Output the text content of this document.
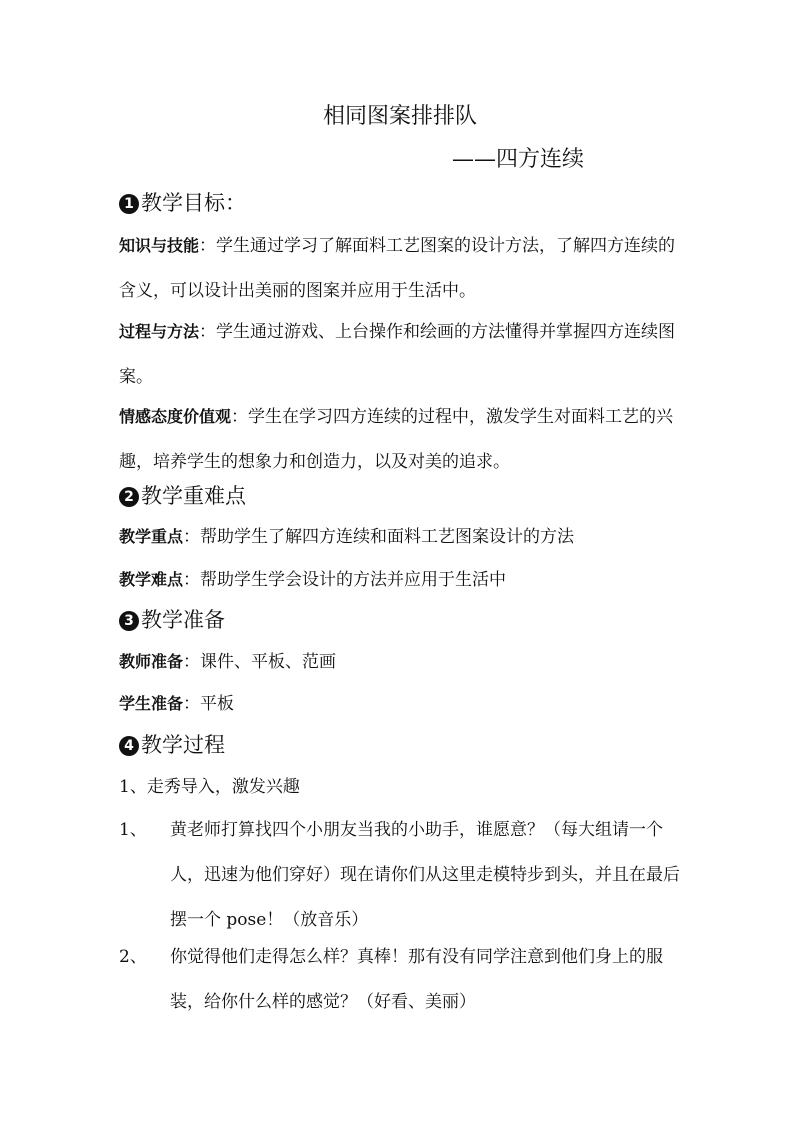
相同图案排排队
——四方连续
1 教学目标：
知识与技能：学生通过学习了解面料工艺图案的设计方法，了解四方连续的含义，可以设计出美丽的图案并应用于生活中。
过程与方法：学生通过游戏、上台操作和绘画的方法懂得并掌握四方连续图案。
情感态度价值观：学生在学习四方连续的过程中，激发学生对面料工艺的兴趣，培养学生的想象力和创造力，以及对美的追求。
2 教学重难点
教学重点：帮助学生了解四方连续和面料工艺图案设计的方法
教学难点：帮助学生学会设计的方法并应用于生活中
3 教学准备
教师准备：课件、平板、范画
学生准备：平板
4 教学过程
1、走秀导入，激发兴趣
1、 黄老师打算找四个小朋友当我的小助手，谁愿意？（每大组请一个人，迅速为他们穿好）现在请你们从这里走模特步到头，并且在最后摆一个 pose！（放音乐）
2、 你觉得他们走得怎么样？真棒！那有没有同学注意到他们身上的服装，给你什么样的感觉？（好看、美丽）
